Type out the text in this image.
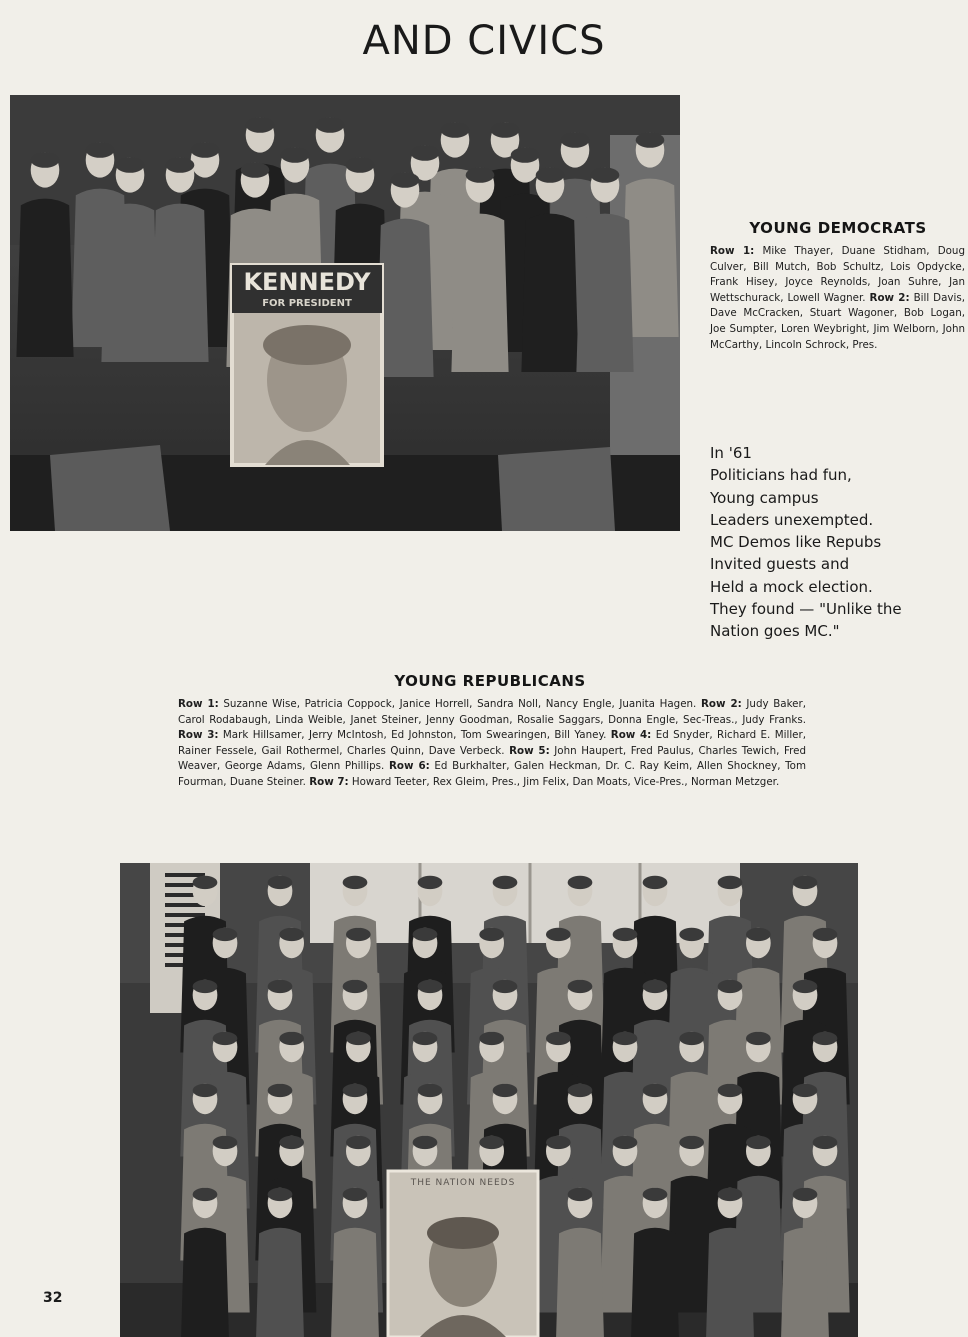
AND CIVICS
KENNEDY
FOR PRESIDENT
YOUNG DEMOCRATS
Row 1: Mike Thayer, Duane Stidham, Doug Culver, Bill Mutch, Bob Schultz, Lois Opdycke, Frank Hisey, Joyce Reynolds, Joan Suhre, Jan Wettschurack, Lowell Wagner. Row 2: Bill Davis, Dave McCracken, Stuart Wagoner, Bob Logan, Joe Sumpter, Loren Weybright, Jim Welborn, John McCarthy, Lincoln Schrock, Pres.
In '61
Politicians had fun,
Young campus
Leaders unexempted.
MC Demos like Repubs
Invited guests and
Held a mock election.
They found — "Unlike the
Nation goes MC."
YOUNG REPUBLICANS
Row 1: Suzanne Wise, Patricia Coppock, Janice Horrell, Sandra Noll, Nancy Engle, Juanita Hagen. Row 2: Judy Baker, Carol Rodabaugh, Linda Weible, Janet Steiner, Jenny Goodman, Rosalie Saggars, Donna Engle, Sec-Treas., Judy Franks. Row 3: Mark Hillsamer, Jerry McIntosh, Ed Johnston, Tom Swearingen, Bill Yaney. Row 4: Ed Snyder, Richard E. Miller, Rainer Fessele, Gail Rothermel, Charles Quinn, Dave Verbeck. Row 5: John Haupert, Fred Paulus, Charles Tewich, Fred Weaver, George Adams, Glenn Phillips. Row 6: Ed Burkhalter, Galen Heckman, Dr. C. Ray Keim, Allen Shockney, Tom Fourman, Duane Steiner. Row 7: Howard Teeter, Rex Gleim, Pres., Jim Felix, Dan Moats, Vice-Pres., Norman Metzger.
THE NATION NEEDS
32
